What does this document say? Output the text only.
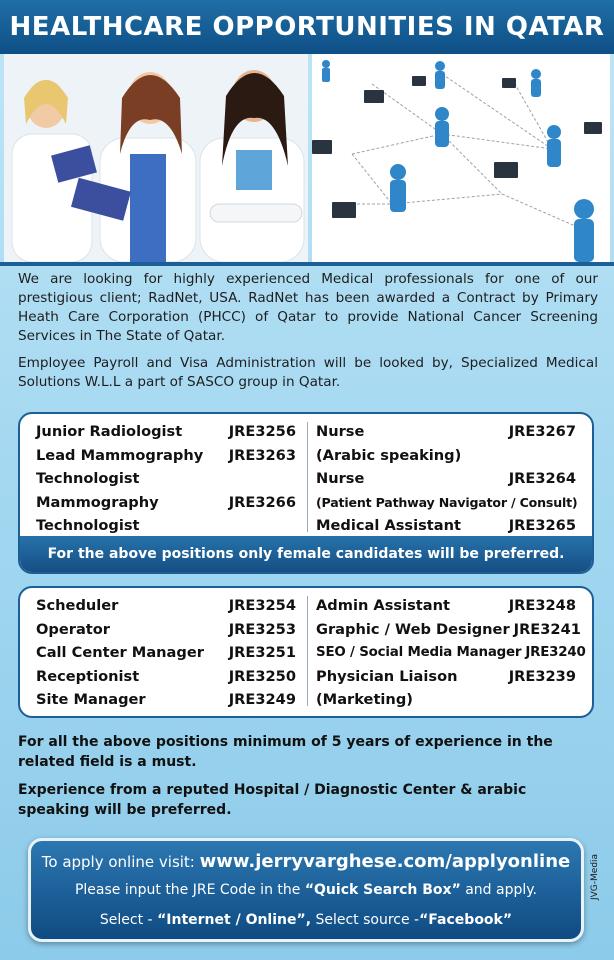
HEALTHCARE OPPORTUNITIES IN QATAR

We are looking for highly experienced Medical professionals for one of our prestigious client; RadNet, USA. RadNet has been awarded a Contract by Primary Heath Care Corporation (PHCC) of Qatar to provide National Cancer Screening Services in The State of Qatar.

Employee Payroll and Visa Administration will be looked by, Specialized Medical Solutions W.L.L a part of SASCO group in Qatar.

Junior Radiologist	JRE3256
Lead Mammography JRE3263
Technologist
Mammography	JRE3266
Technologist
Nurse	JRE3267
(Arabic speaking)
Nurse	JRE3264
(Patient Pathway Navigator / Consult)
Medical Assistant	JRE3265
For the above positions only female candidates will be preferred.
Scheduler	JRE3254
Operator	JRE3253
Call Center Manager JRE3251
Receptionist	JRE3250
Site Manager	JRE3249
Admin Assistant	JRE3248
Graphic / Web Designer JRE3241
SEO / Social Media Manager JRE3240
Physician Liaison	JRE3239
(Marketing)

For all the above positions minimum of 5 years of experience in the related field is a must.

Experience from a reputed Hospital / Diagnostic Center & arabic speaking will be preferred.

To apply online visit: www.jerryvarghese.com/applyonline
Please input the JRE Code in the “Quick Search Box” and apply.
Select - “Internet / Online”, Select source -“Facebook”
JVG-Media
